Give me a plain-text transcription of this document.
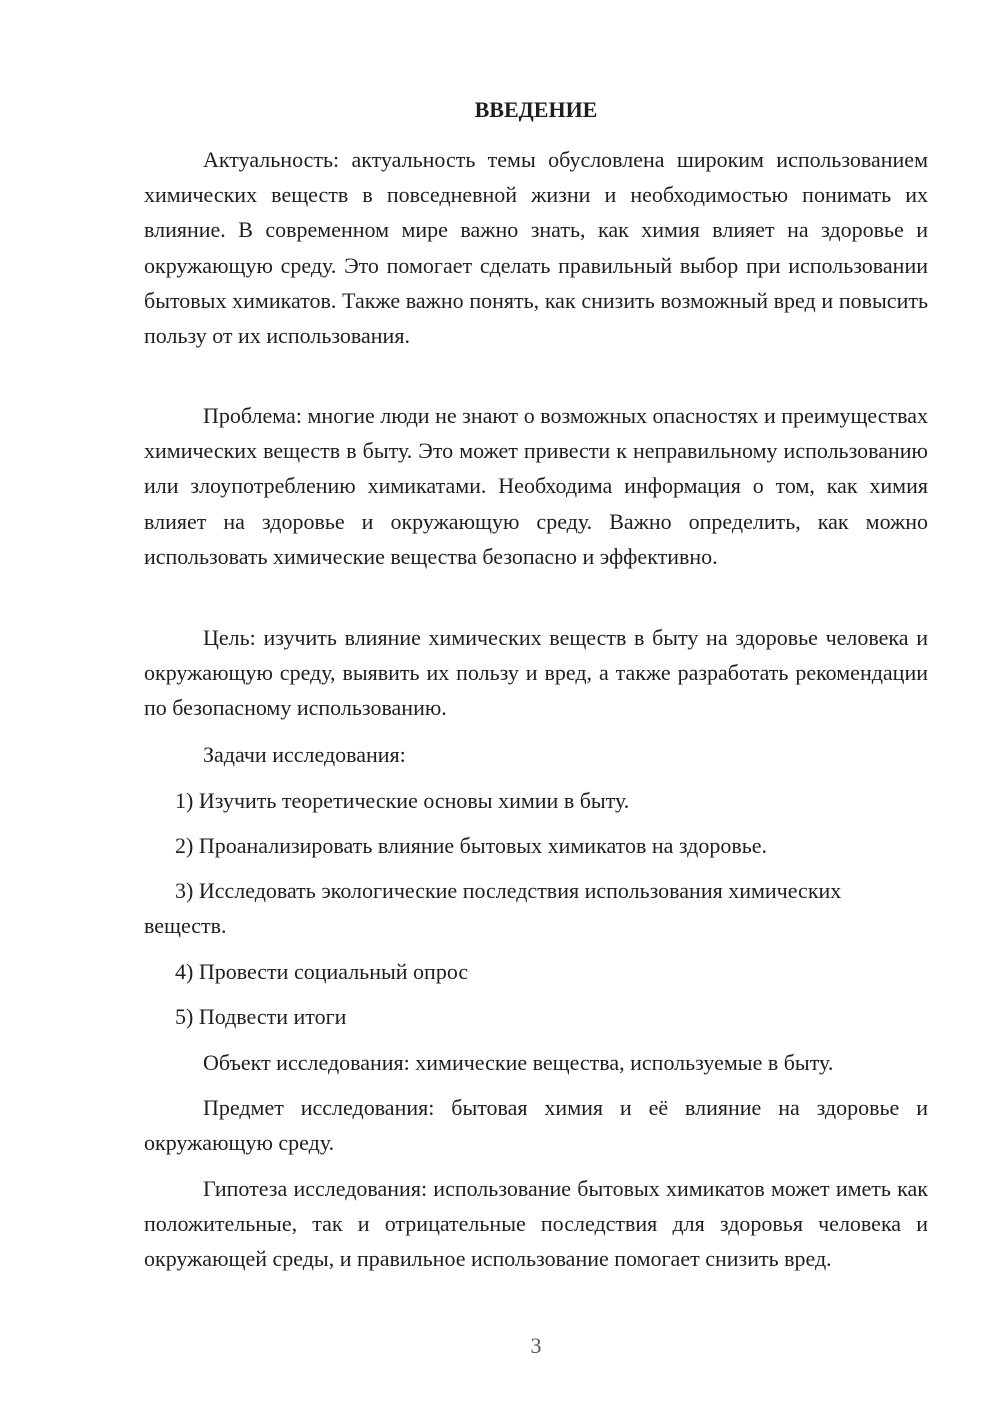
ВВЕДЕНИЕ

Актуальность: актуальность темы обусловлена широким использованием химических веществ в повседневной жизни и необходимостью понимать их влияние. В современном мире важно знать, как химия влияет на здоровье и окружающую среду. Это помогает сделать правильный выбор при использовании бытовых химикатов. Также важно понять, как снизить возможный вред и повысить пользу от их использования.

Проблема: многие люди не знают о возможных опасностях и преимуществах химических веществ в быту. Это может привести к неправильному использованию или злоупотреблению химикатами. Необходима информация о том, как химия влияет на здоровье и окружающую среду. Важно определить, как можно использовать химические вещества безопасно и эффективно.

Цель: изучить влияние химических веществ в быту на здоровье человека и окружающую среду, выявить их пользу и вред, а также разработать рекомендации по безопасному использованию.

Задачи исследования:

1) Изучить теоретические основы химии в быту.

2) Проанализировать влияние бытовых химикатов на здоровье.

3) Исследовать экологические последствия использования химических веществ.

4) Провести социальный опрос

5) Подвести итоги

Объект исследования: химические вещества, используемые в быту.

Предмет исследования: бытовая химия и её влияние на здоровье и окружающую среду.

Гипотеза исследования: использование бытовых химикатов может иметь как положительные, так и отрицательные последствия для здоровья человека и окружающей среды, и правильное использование помогает снизить вред.

3
